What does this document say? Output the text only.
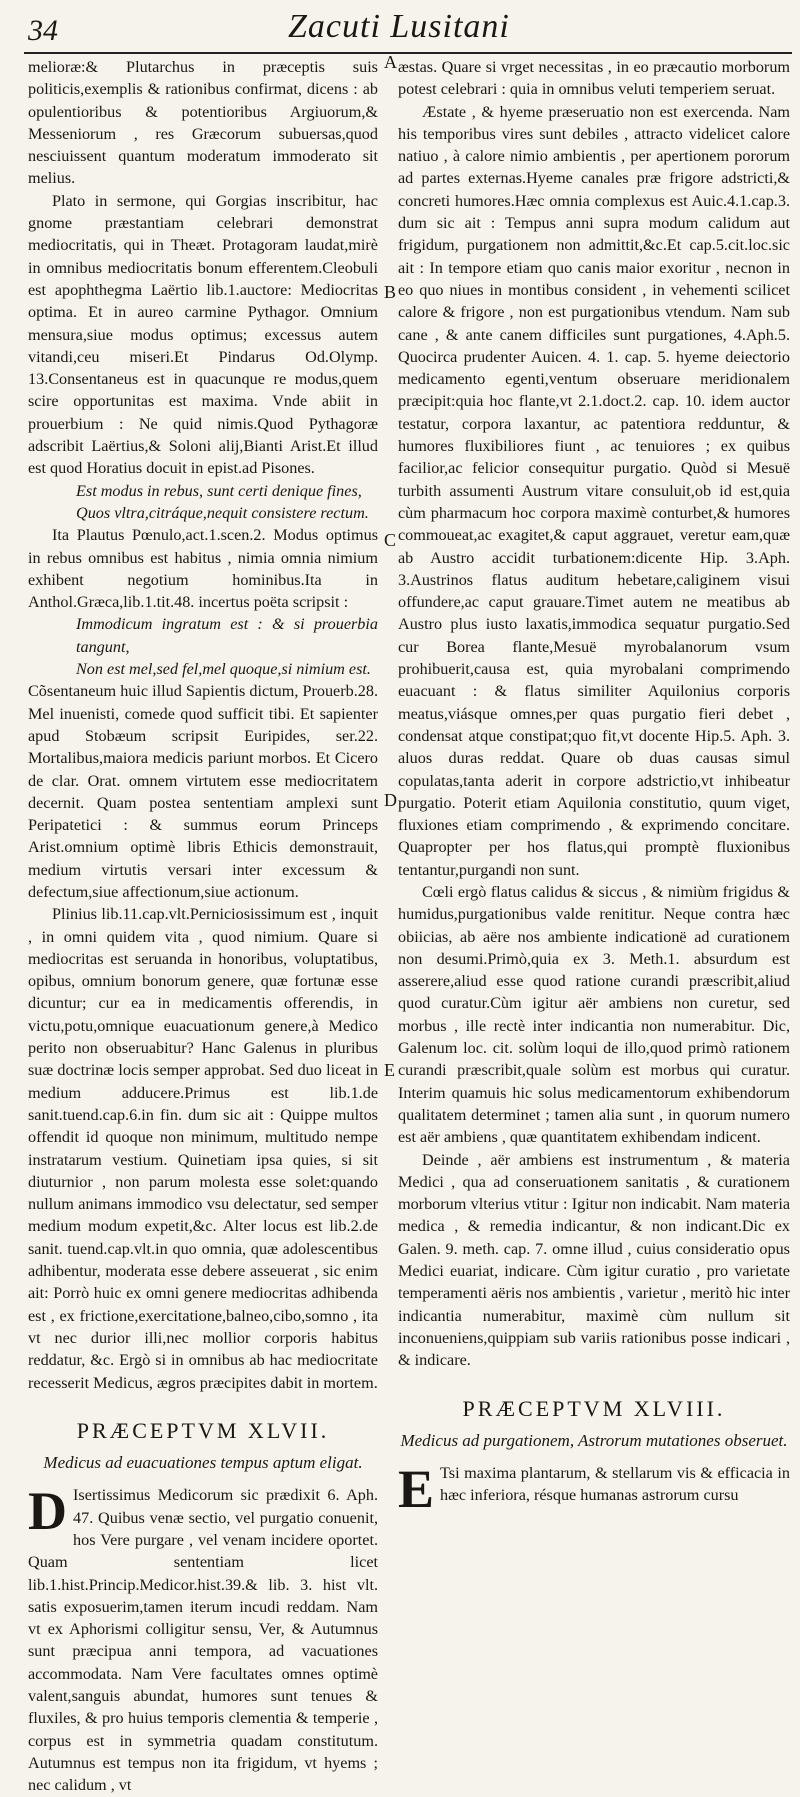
34	Zacuti Lusitani
A
B
C
D
E

melioræ:& Plutarchus in præceptis suis politicis,exemplis & rationibus confirmat, dicens : ab opulentioribus & potentioribus Argiuorum,& Messeniorum , res Græcorum subuersas,quod nesciuissent quantum moderatum immoderato sit melius.

Plato in sermone, qui Gorgias inscribitur, hac gnome præstantiam celebrari demonstrat mediocritatis, qui in Theæt. Protagoram laudat,mirè in omnibus mediocritatis bonum efferentem.Cleobuli est apophthegma Laërtio lib.1.auctore: Mediocritas optima. Et in aureo carmine Pythagor. Omnium mensura,siue modus optimus; excessus autem vitandi,ceu miseri.Et Pindarus Od.Olymp. 13.Consentaneus est in quacunque re modus,quem scire opportunitas est maxima. Vnde abiit in prouerbium : Ne quid nimis.Quod Pythagoræ adscribit Laërtius,& Soloni alij,Bianti Arist.Et illud est quod Horatius docuit in epist.ad Pisones.

Est modus in rebus, sunt certi denique fines,
Quos vltra,citráque,nequit consistere rectum.

Ita Plautus Pœnulo,act.1.scen.2. Modus optimus in rebus omnibus est habitus , nimia omnia nimium exhibent negotium hominibus.Ita in Anthol.Græca,lib.1.tit.48. incertus poëta scripsit :

Immodicum ingratum est : & si prouerbia tangunt,
Non est mel,sed fel,mel quoque,si nimium est.

Cõsentaneum huic illud Sapientis dictum, Prouerb.28. Mel inuenisti, comede quod sufficit tibi. Et sapienter apud Stobæum scripsit Euripides, ser.22. Mortalibus,maiora medicis pariunt morbos. Et Cicero de clar. Orat. omnem virtutem esse mediocritatem decernit. Quam postea sententiam amplexi sunt Peripatetici : & summus eorum Princeps Arist.omnium optimè libris Ethicis demonstrauit, medium virtutis versari inter excessum & defectum,siue affectionum,siue actionum.

Plinius lib.11.cap.vlt.Perniciosissimum est , inquit , in omni quidem vita , quod nimium. Quare si mediocritas est seruanda in honoribus, voluptatibus, opibus, omnium bonorum genere, quæ fortunæ esse dicuntur; cur ea in medicamentis offerendis, in victu,potu,omnique euacuationum genere,à Medico perito non obseruabitur? Hanc Galenus in pluribus suæ doctrinæ locis semper approbat. Sed duo liceat in medium adducere.Primus est lib.1.de sanit.tuend.cap.6.in fin. dum sic ait : Quippe multos offendit id quoque non minimum, multitudo nempe instratarum vestium. Quinetiam ipsa quies, si sit diuturnior , non parum molesta esse solet:quando nullum animans immodico vsu delectatur, sed semper medium modum expetit,&c. Alter locus est lib.2.de sanit. tuend.cap.vlt.in quo omnia, quæ adolescentibus adhibentur, moderata esse debere asseuerat , sic enim ait: Porrò huic ex omni genere mediocritas adhibenda est , ex frictione,exercitatione,balneo,cibo,somno , ita vt nec durior illi,nec mollior corporis habitus reddatur, &c. Ergò si in omnibus ab hac mediocritate recesserit Medicus, ægros præcipites dabit in mortem.

PRÆCEPTVM XLVII.
Medicus ad euacuationes tempus aptum eligat.

D Isertissimus Medicorum sic prædixit 6. Aph. 47. Quibus venæ sectio, vel purgatio conuenit, hos Vere purgare , vel venam incidere oportet. Quam sententiam licet lib.1.hist.Princip.Medicor.hist.39.& lib. 3. hist vlt. satis exposuerim,tamen iterum incudi reddam. Nam vt ex Aphorismi colligitur sensu, Ver, & Autumnus sunt præcipua anni tempora, ad vacuationes accommodata. Nam Vere facultates omnes optimè valent,sanguis abundat, humores sunt tenues & fluxiles, & pro huius temporis clementia & temperie , corpus est in symmetria quadam constitutum. Autumnus est tempus non ita frigidum, vt hyems ; nec calidum , vt

æstas. Quare si vrget necessitas , in eo præcautio morborum potest celebrari : quia in omnibus veluti temperiem seruat.

Æstate , & hyeme præseruatio non est exercenda. Nam his temporibus vires sunt debiles , attracto videlicet calore natiuo , à calore nimio ambientis , per apertionem pororum ad partes externas.Hyeme canales præ frigore adstricti,& concreti humores.Hæc omnia complexus est Auic.4.1.cap.3. dum sic ait : Tempus anni supra modum calidum aut frigidum, purgationem non admittit,&c.Et cap.5.cit.loc.sic ait : In tempore etiam quo canis maior exoritur , necnon in eo quo niues in montibus consident , in vehementi scilicet calore & frigore , non est purgationibus vtendum. Nam sub cane , & ante canem difficiles sunt purgationes, 4.Aph.5. Quocirca prudenter Auicen. 4. 1. cap. 5. hyeme deiectorio medicamento egenti,ventum obseruare meridionalem præcipit:quia hoc flante,vt 2.1.doct.2. cap. 10. idem auctor testatur, corpora laxantur, ac patentiora redduntur, & humores fluxibiliores fiunt , ac tenuiores ; ex quibus facilior,ac felicior consequitur purgatio. Quòd si Mesuë turbith assumenti Austrum vitare consuluit,ob id est,quia cùm pharmacum hoc corpora maximè conturbet,& humores commoueat,ac exagitet,& caput aggrauet, veretur eam,quæ ab Austro accidit turbationem:dicente Hip. 3.Aph. 3.Austrinos flatus auditum hebetare,caliginem visui offundere,ac caput grauare.Timet autem ne meatibus ab Austro plus iusto laxatis,immodica sequatur purgatio.Sed cur Borea flante,Mesuë myrobalanorum vsum prohibuerit,causa est, quia myrobalani comprimendo euacuant : & flatus similiter Aquilonius corporis meatus,viásque omnes,per quas purgatio fieri debet , condensat atque constipat;quo fit,vt docente Hip.5. Aph. 3. aluos duras reddat. Quare ob duas causas simul copulatas,tanta aderit in corpore adstrictio,vt inhibeatur purgatio. Poterit etiam Aquilonia constitutio, quum viget, fluxiones etiam comprimendo , & exprimendo concitare. Quapropter per hos flatus,qui promptè fluxionibus tentantur,purgandi non sunt.

Cœli ergò flatus calidus & siccus , & nimiùm frigidus & humidus,purgationibus valde renititur. Neque contra hæc obiicias, ab aëre nos ambiente indicationë ad curationem non desumi.Primò,quia ex 3. Meth.1. absurdum est asserere,aliud esse quod ratione curandi præscribit,aliud quod curatur.Cùm igitur aër ambiens non curetur, sed morbus , ille rectè inter indicantia non numerabitur. Dic, Galenum loc. cit. solùm loqui de illo,quod primò rationem curandi præscribit,quale solùm est morbus qui curatur. Interim quamuis hic solus medicamentorum exhibendorum qualitatem determinet ; tamen alia sunt , in quorum numero est aër ambiens , quæ quantitatem exhibendam indicent.

Deinde , aër ambiens est instrumentum , & materia Medici , qua ad conseruationem sanitatis , & curationem morborum vlterius vtitur : Igitur non indicabit. Nam materia medica , & remedia indicantur, & non indicant.Dic ex Galen. 9. meth. cap. 7. omne illud , cuius consideratio opus Medici euariat, indicare. Cùm igitur curatio , pro varietate temperamenti aëris nos ambientis , varietur , meritò hic inter indicantia numerabitur, maximè cùm nullum sit inconueniens,quippiam sub variis rationibus posse indicari , & indicare.

PRÆCEPTVM XLVIII.
Medicus ad purgationem, Astrorum mutationes obseruet.

E Tsi maxima plantarum, & stellarum vis & efficacia in hæc inferiora, résque humanas astrorum cursu
